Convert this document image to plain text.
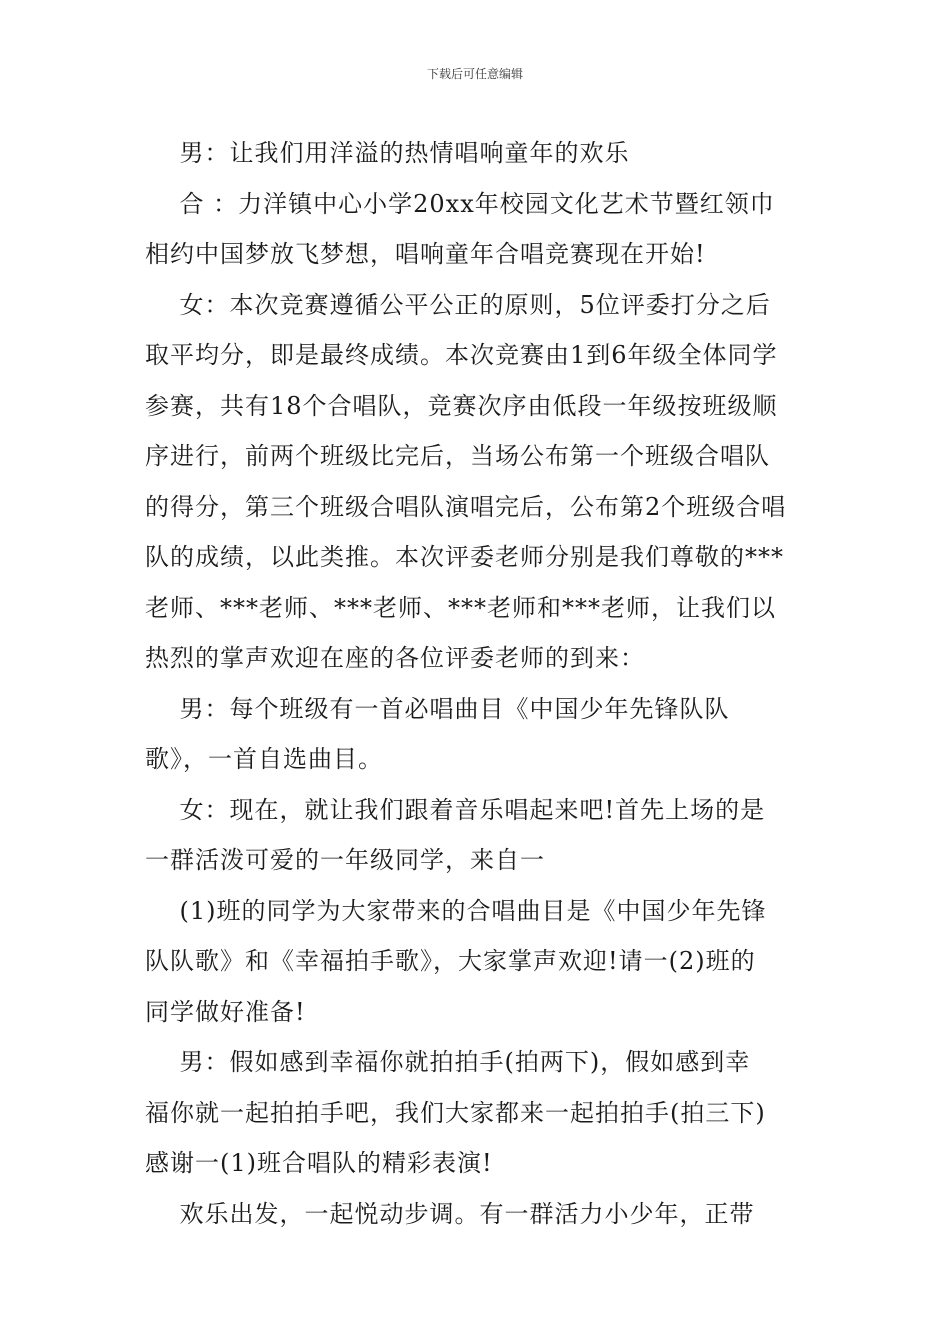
下载后可任意编辑
男：让我们用洋溢的热情唱响童年的欢乐
合 ：力洋镇中心小学20xx年校园文化艺术节暨红领巾
相约中国梦放飞梦想，唱响童年合唱竞赛现在开始!
女：本次竞赛遵循公平公正的原则，5位评委打分之后
取平均分，即是最终成绩。本次竞赛由1到6年级全体同学
参赛，共有18个合唱队，竞赛次序由低段一年级按班级顺
序进行，前两个班级比完后，当场公布第一个班级合唱队
的得分，第三个班级合唱队演唱完后，公布第2个班级合唱
队的成绩，以此类推。本次评委老师分别是我们尊敬的***
老师、***老师、***老师、***老师和***老师，让我们以
热烈的掌声欢迎在座的各位评委老师的到来：
男：每个班级有一首必唱曲目《中国少年先锋队队
歌》，一首自选曲目。
女：现在，就让我们跟着音乐唱起来吧!首先上场的是
一群活泼可爱的一年级同学，来自一
(1)班的同学为大家带来的合唱曲目是《中国少年先锋
队队歌》和《幸福拍手歌》，大家掌声欢迎!请一(2)班的
同学做好准备!
男：假如感到幸福你就拍拍手(拍两下)，假如感到幸
福你就一起拍拍手吧，我们大家都来一起拍拍手(拍三下)
感谢一(1)班合唱队的精彩表演!
欢乐出发，一起悦动步调。有一群活力小少年，正带
